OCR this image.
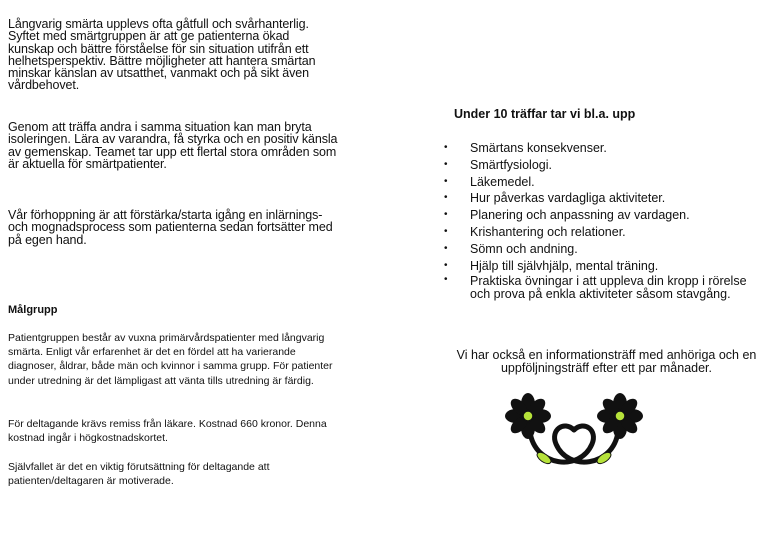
Långvarig smärta upplevs ofta gåtfull och svårhanterlig. Syftet med smärtgruppen är att ge patienterna ökad kunskap och bättre förståelse för sin situation utifrån ett helhetsperspektiv. Bättre möjligheter att hantera smärtan minskar känslan av utsatthet, vanmakt och på sikt även vårdbehovet.

Genom att träffa andra i samma situation kan man bryta isoleringen. Lära av varandra, få styrka och en positiv känsla av gemenskap. Teamet tar upp ett flertal stora områden som är aktuella för smärtpatienter.

Vår förhoppning är att förstärka/starta igång en inlärnings- och mognadsprocess som patienterna sedan fortsätter med på egen hand.

Målgrupp

Patientgruppen består av vuxna primärvårdspatienter med långvarig smärta. Enligt vår erfarenhet är det en fördel att ha varierande diagnoser, åldrar, både män och kvinnor i samma grupp. För patienter under utredning är det lämpligast att vänta tills utredning är färdig.

För deltagande krävs remiss från läkare. Kostnad 660 kronor. Denna kostnad ingår i högkostnadskortet.

Självfallet är det en viktig förutsättning för deltagande att patienten/deltagaren är motiverade.

Under 10 träffar tar vi bl.a. upp

• Smärtans konsekvenser.
• Smärtfysiologi.
• Läkemedel.
• Hur påverkas vardagliga aktiviteter.
• Planering och anpassning av vardagen.
• Krishantering och relationer.
• Sömn och andning.
• Hjälp till självhjälp, mental träning.
• Praktiska övningar i att uppleva din kropp i rörelse och prova på enkla aktiviteter såsom stavgång.

Vi har också en informationsträff med anhöriga och en uppföljningsträff efter ett par månader.
